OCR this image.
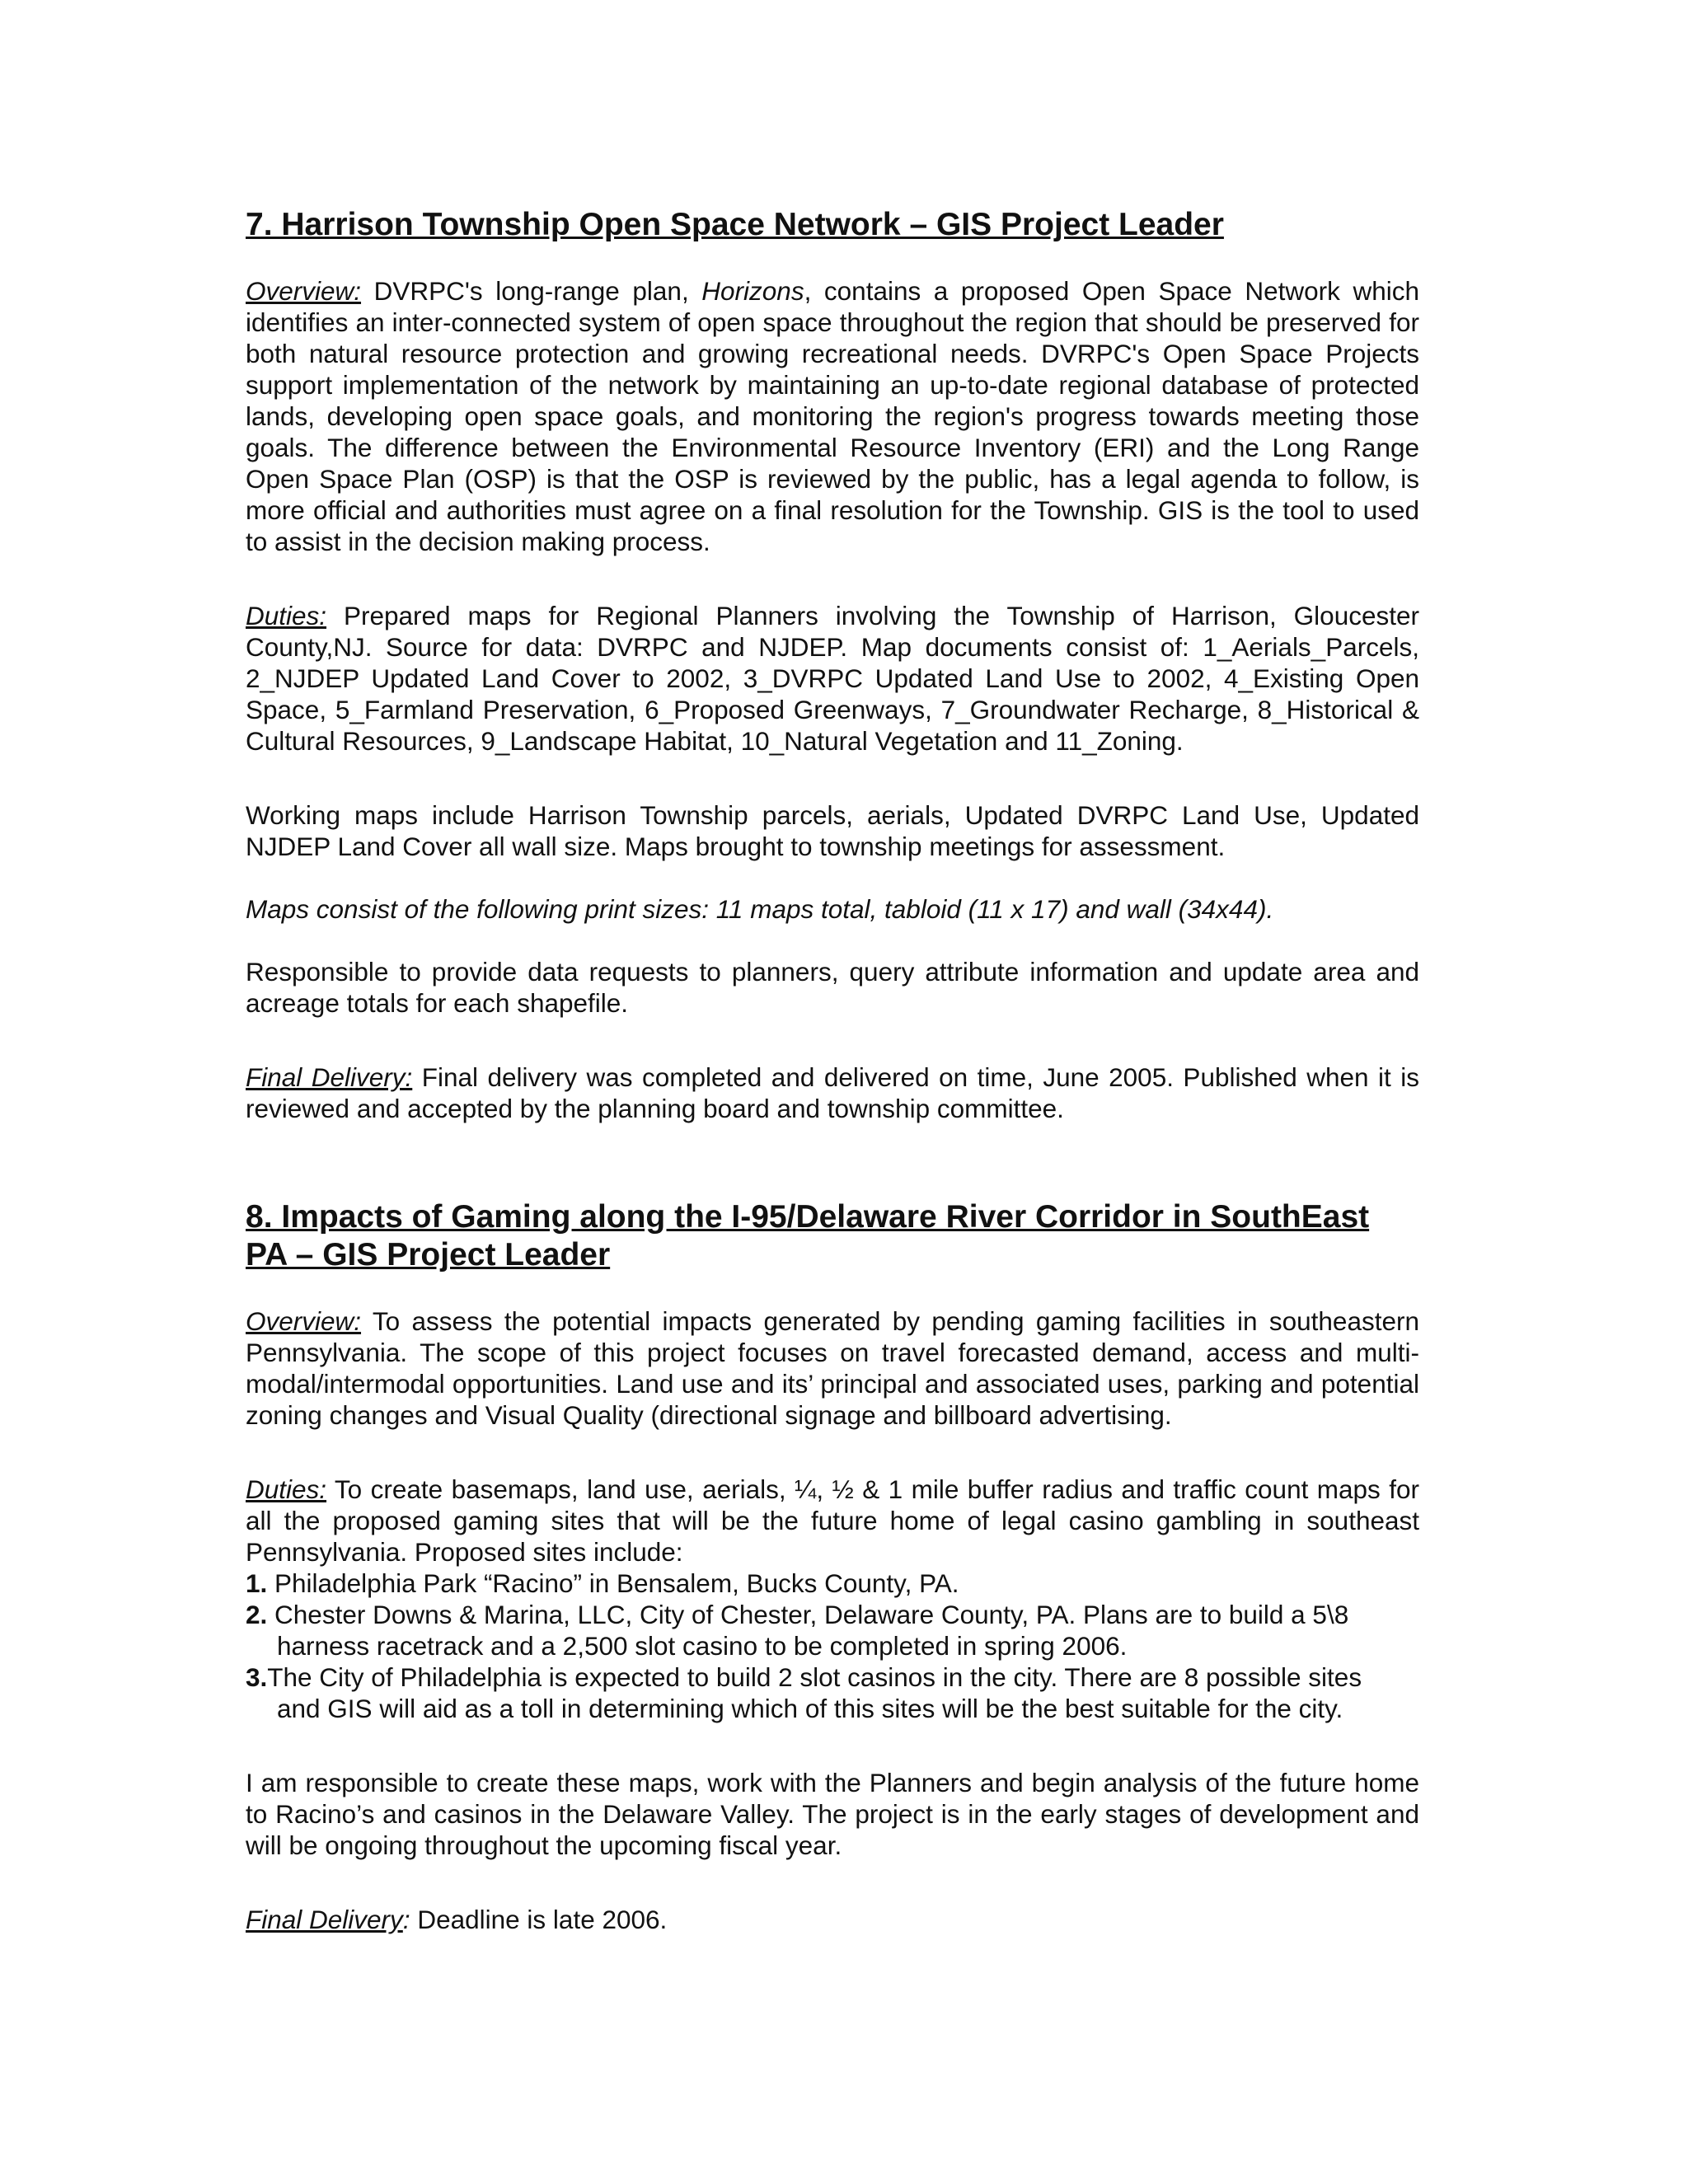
7. Harrison Township Open Space Network – GIS Project Leader

Overview: DVRPC's long-range plan, Horizons, contains a proposed Open Space Network which identifies an inter-connected system of open space throughout the region that should be preserved for both natural resource protection and growing recreational needs. DVRPC's Open Space Projects support implementation of the network by maintaining an up-to-date regional database of protected lands, developing open space goals, and monitoring the region's progress towards meeting those goals. The difference between the Environmental Resource Inventory (ERI) and the Long Range Open Space Plan (OSP) is that the OSP is reviewed by the public, has a legal agenda to follow, is more official and authorities must agree on a final resolution for the Township. GIS is the tool to used to assist in the decision making process.

Duties: Prepared maps for Regional Planners involving the Township of Harrison, Gloucester County,NJ. Source for data: DVRPC and NJDEP. Map documents consist of: 1_Aerials_Parcels, 2_NJDEP Updated Land Cover to 2002, 3_DVRPC Updated Land Use to 2002, 4_Existing Open Space, 5_Farmland Preservation, 6_Proposed Greenways, 7_Groundwater Recharge, 8_Historical & Cultural Resources, 9_Landscape Habitat, 10_Natural Vegetation and 11_Zoning.

Working maps include Harrison Township parcels, aerials, Updated DVRPC Land Use, Updated NJDEP Land Cover all wall size. Maps brought to township meetings for assessment.

Maps consist of the following print sizes: 11 maps total, tabloid (11 x 17) and wall (34x44).

Responsible to provide data requests to planners, query attribute information and update area and acreage totals for each shapefile.

Final Delivery: Final delivery was completed and delivered on time, June 2005. Published when it is reviewed and accepted by the planning board and township committee.

8. Impacts of Gaming along the I-95/Delaware River Corridor in SouthEast PA – GIS Project Leader

Overview: To assess the potential impacts generated by pending gaming facilities in southeastern Pennsylvania. The scope of this project focuses on travel forecasted demand, access and multi-modal/intermodal opportunities. Land use and its’ principal and associated uses, parking and potential zoning changes and Visual Quality (directional signage and billboard advertising.

Duties: To create basemaps, land use, aerials, ¼, ½ & 1 mile buffer radius and traffic count maps for all the proposed gaming sites that will be the future home of legal casino gambling in southeast Pennsylvania. Proposed sites include:

1. Philadelphia Park “Racino” in Bensalem, Bucks County, PA.
2. Chester Downs & Marina, LLC, City of Chester, Delaware County, PA. Plans are to build a 5\8
harness racetrack and a 2,500 slot casino to be completed in spring 2006.
3.The City of Philadelphia is expected to build 2 slot casinos in the city. There are 8 possible sites
and GIS will aid as a toll in determining which of this sites will be the best suitable for the city.

I am responsible to create these maps, work with the Planners and begin analysis of the future home to Racino’s and casinos in the Delaware Valley. The project is in the early stages of development and will be ongoing throughout the upcoming fiscal year.

Final Delivery: Deadline is late 2006.
